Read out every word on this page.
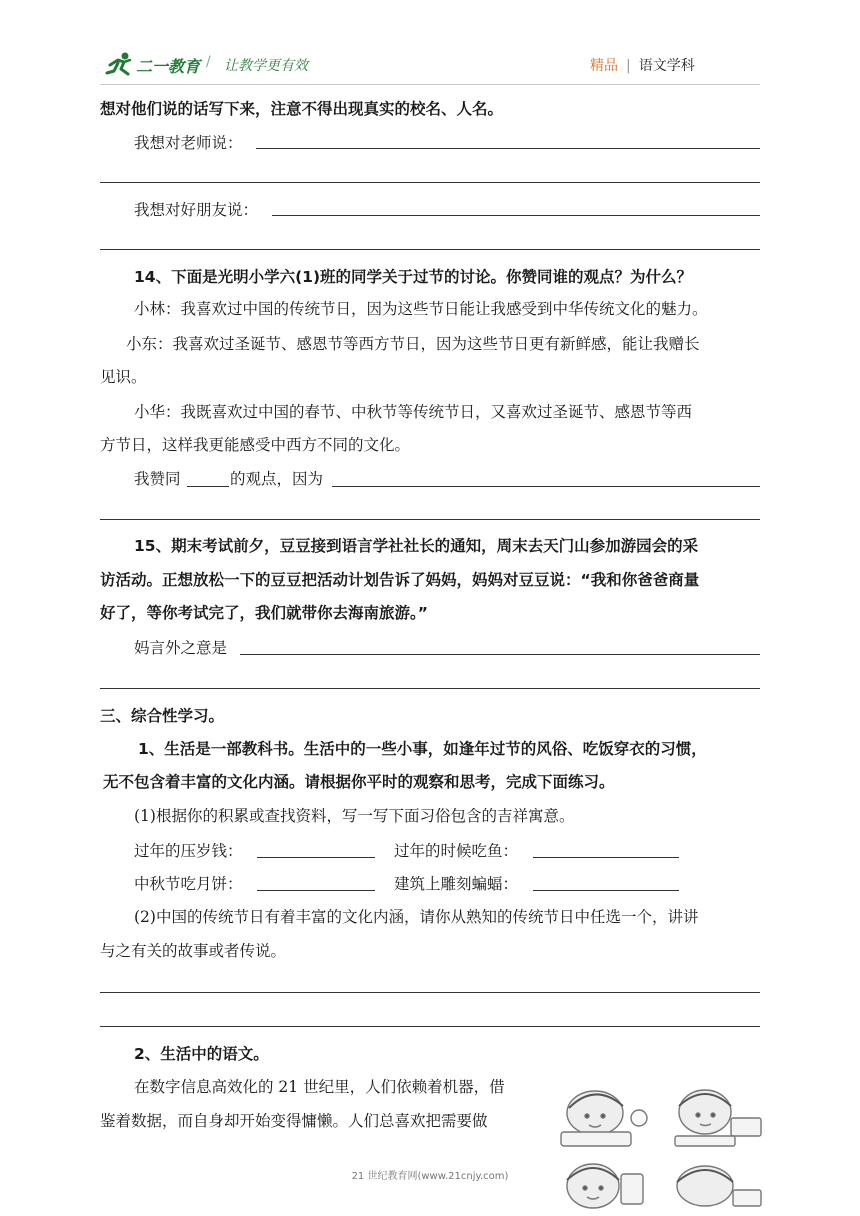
二一教育 / 让教学更有效	精品 | 语文学科
想对他们说的话写下来，注意不得出现真实的校名、人名。
我想对老师说：
我想对好朋友说：
14、下面是光明小学六(1)班的同学关于过节的讨论。你赞同谁的观点？为什么？
小林：我喜欢过中国的传统节日，因为这些节日能让我感受到中华传统文化的魅力。
小东：我喜欢过圣诞节、感恩节等西方节日，因为这些节日更有新鲜感，能让我赠长
见识。
小华：我既喜欢过中国的春节、中秋节等传统节日，又喜欢过圣诞节、感恩节等西
方节日，这样我更能感受中西方不同的文化。
我赞同	的观点，因为
15、期末考试前夕，豆豆接到语言学社社长的通知，周末去天门山参加游园会的采
访活动。正想放松一下的豆豆把活动计划告诉了妈妈，妈妈对豆豆说：“我和你爸爸商量
好了，等你考试完了，我们就带你去海南旅游。”
妈言外之意是
三、综合性学习。
1、生活是一部教科书。生活中的一些小事，如逢年过节的风俗、吃饭穿衣的习惯，
无不包含着丰富的文化内涵。请根据你平时的观察和思考，完成下面练习。
(1)根据你的积累或查找资料，写一写下面习俗包含的吉祥寓意。
过年的压岁钱：	过年的时候吃鱼：
中秋节吃月饼：	建筑上雕刻蝙蝠：
(2)中国的传统节日有着丰富的文化内涵，请你从熟知的传统节日中任选一个，讲讲
与之有关的故事或者传说。
2、生活中的语文。
在数字信息高效化的 21 世纪里，人们依赖着机器，借
鉴着数据，而自身却开始变得慵懒。人们总喜欢把需要做
21 世纪教育网(www.21cnjy.com)
